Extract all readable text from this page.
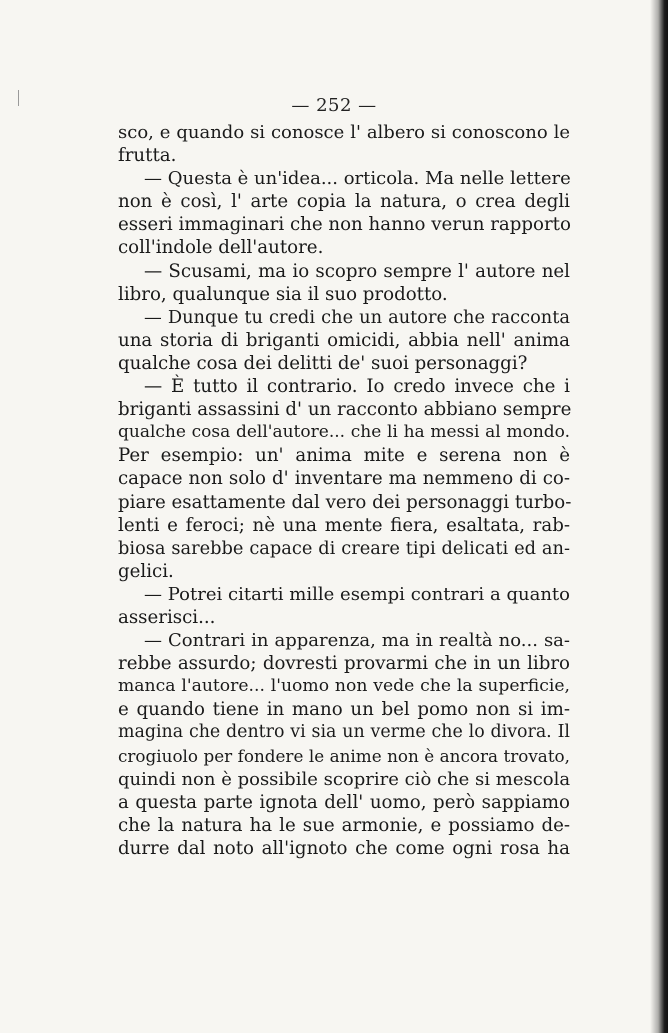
— 252 —
sco, e quando si conosce l' albero si conoscono le
frutta.
— Questa è un'idea... orticola. Ma nelle lettere
non è così, l' arte copia la natura, o crea degli
esseri immaginari che non hanno verun rapporto
coll'indole dell'autore.
— Scusami, ma io scopro sempre l' autore nel
libro, qualunque sia il suo prodotto.
— Dunque tu credi che un autore che racconta
una storia di briganti omicidi, abbia nell' anima
qualche cosa dei delitti de' suoi personaggi?
— È tutto il contrario. Io credo invece che i
briganti assassini d' un racconto abbiano sempre
qualche cosa dell'autore... che li ha messi al mondo.
Per esempio: un' anima mite e serena non è
capace non solo d' inventare ma nemmeno di co-
piare esattamente dal vero dei personaggi turbo-
lenti e feroci; nè una mente fiera, esaltata, rab-
biosa sarebbe capace di creare tipi delicati ed an-
gelici.
— Potrei citarti mille esempi contrari a quanto
asserisci...
— Contrari in apparenza, ma in realtà no... sa-
rebbe assurdo; dovresti provarmi che in un libro
manca l'autore... l'uomo non vede che la superficie,
e quando tiene in mano un bel pomo non si im-
magina che dentro vi sia un verme che lo divora. Il
crogiuolo per fondere le anime non è ancora trovato,
quindi non è possibile scoprire ciò che si mescola
a questa parte ignota dell' uomo, però sappiamo
che la natura ha le sue armonie, e possiamo de-
durre dal noto all'ignoto che come ogni rosa ha
